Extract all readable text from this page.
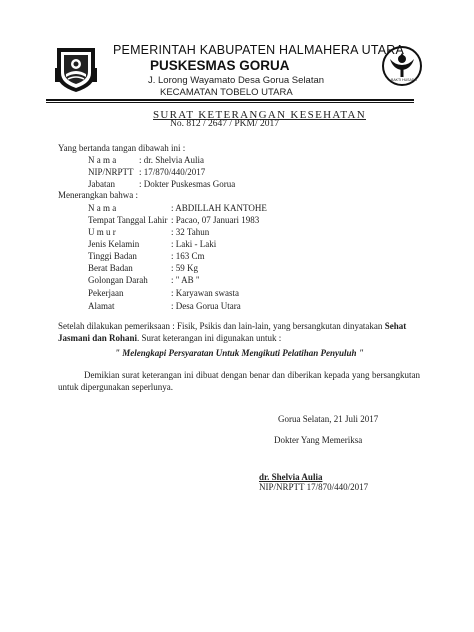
BAKTI HUSADA
PEMERINTAH KABUPATEN HALMAHERA UTARA
PUSKESMAS GORUA
J. Lorong Wayamato Desa Gorua Selatan
KECAMATAN TOBELO UTARA
SURAT KETERANGAN KESEHATAN
No. 812 / 2647 / PKM/ 2017
Yang bertanda tangan dibawah ini :
N a m a	: dr. Shelvia Aulia
NIP/NRPTT : 17/870/440/2017
Jabatan	: Dokter Puskesmas Gorua
Menerangkan bahwa :
N a m a	: ABDILLAH KANTOHE
Tempat Tanggal Lahir : Pacao, 07 Januari 1983
U m u r	: 32 Tahun
Jenis Kelamin	: Laki - Laki
Tinggi Badan	: 163 Cm
Berat Badan	: 59 Kg
Golongan Darah	: " AB "
Pekerjaan	: Karyawan swasta
Alamat	: Desa Gorua Utara
Setelah dilakukan pemeriksaan : Fisik, Psikis dan lain-lain, yang bersangkutan dinyatakan Sehat Jasmani dan Rohani. Surat keterangan ini digunakan untuk :
" Melengkapi Persyaratan Untuk Mengikuti Pelatihan Penyuluh "
Demikian surat keterangan ini dibuat dengan benar dan diberikan kepada yang bersangkutan untuk dipergunakan seperlunya.
Gorua Selatan, 21 Juli 2017
Dokter Yang Memeriksa
dr. Shelvia Aulia
NIP/NRPTT 17/870/440/2017
